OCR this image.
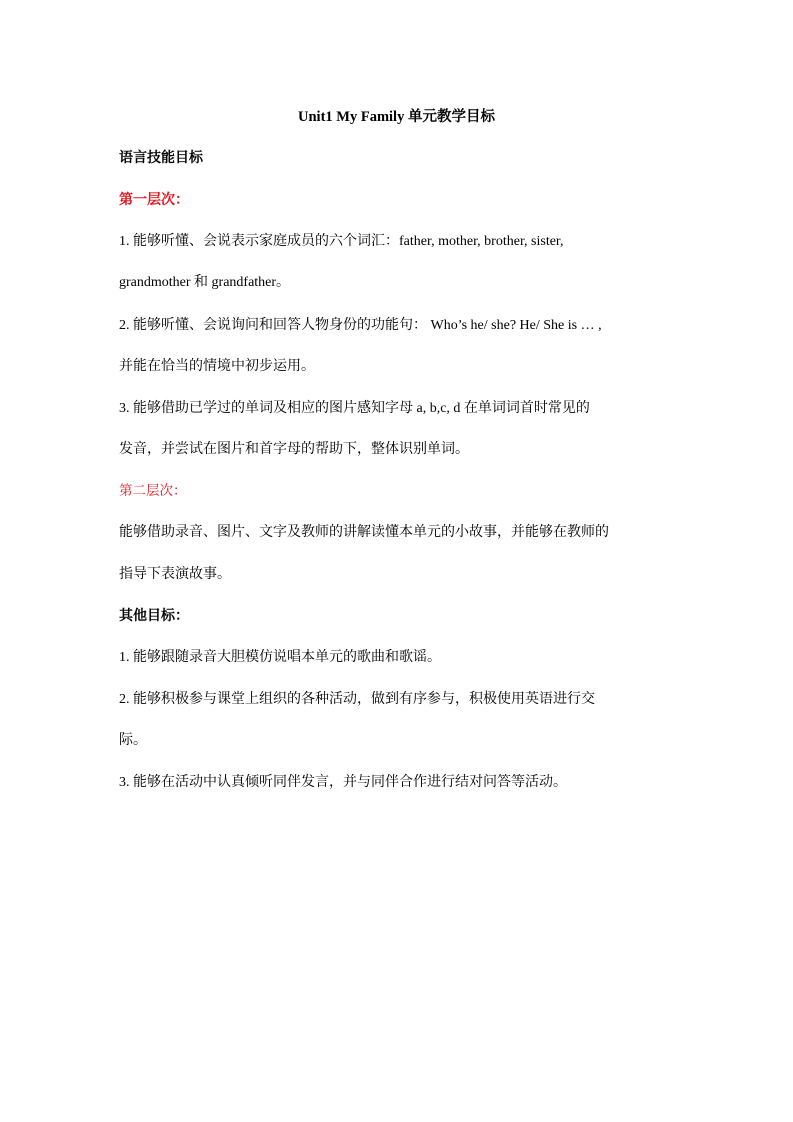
Unit1 My Family 单元教学目标
语言技能目标
第一层次：
1. 能够听懂、会说表示家庭成员的六个词汇：father, mother, brother, sister,
grandmother 和 grandfather。
2. 能够听懂、会说询问和回答人物身份的功能句： Who’s he/ she? He/ She is … ,
并能在恰当的情境中初步运用。
3. 能够借助已学过的单词及相应的图片感知字母 a, b,c, d 在单词词首时常见的
发音，并尝试在图片和首字母的帮助下，整体识别单词。
第二层次：
能够借助录音、图片、文字及教师的讲解读懂本单元的小故事，并能够在教师的
指导下表演故事。
其他目标：
1. 能够跟随录音大胆模仿说唱本单元的歌曲和歌谣。
2. 能够积极参与课堂上组织的各种活动，做到有序参与，积极使用英语进行交
际。
3. 能够在活动中认真倾听同伴发言，并与同伴合作进行结对问答等活动。
